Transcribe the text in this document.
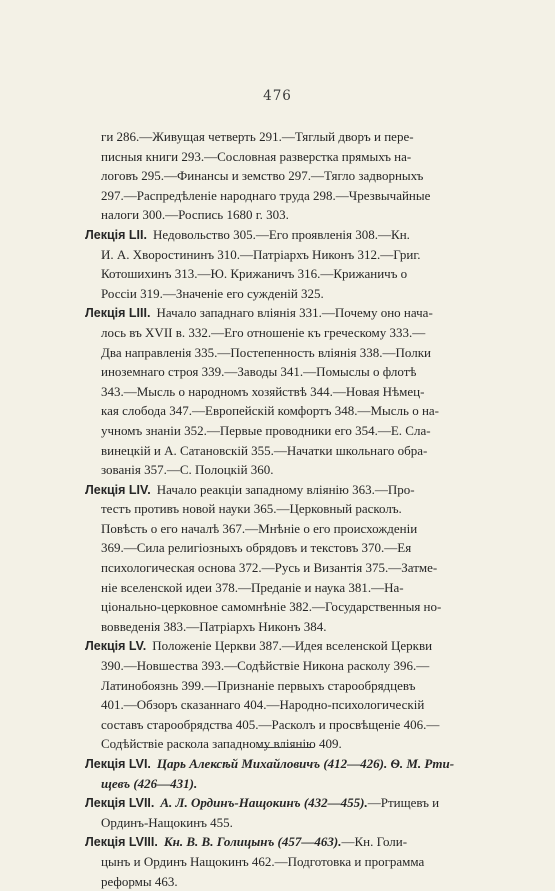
476
ги 286.—Живущая четверть 291.—Тяглый дворъ и пере-
писныя книги 293.—Сословная разверстка прямыхъ на-
логовъ 295.—Финансы и земство 297.—Тягло задворныхъ
297.—Распредѣленіе народнаго труда 298.—Чрезвычайные
налоги 300.—Роспись 1680 г. 303.
Лекція LII. Недовольство 305.—Его проявленія 308.—Кн.
И. А. Хворостининъ 310.—Патріархъ Никонъ 312.—Григ.
Котошихинъ 313.—Ю. Крижаничъ 316.—Крижаничъ о
Россіи 319.—Значеніе его сужденій 325.
Лекція LIII. Начало западнаго вліянія 331.—Почему оно нача-
лось въ XVII в. 332.—Его отношеніе къ греческому 333.—
Два направленія 335.—Постепенность вліянія 338.—Полки
иноземнаго строя 339.—Заводы 341.—Помыслы о флотѣ
343.—Мысль о народномъ хозяйствѣ 344.—Новая Нѣмец-
кая слобода 347.—Европейскій комфортъ 348.—Мысль о на-
учномъ знаніи 352.—Первые проводники его 354.—Е. Сла-
винецкій и А. Сатановскій 355.—Начатки школьнаго обра-
зованія 357.—С. Полоцкій 360.
Лекція LIV. Начало реакціи западному вліянію 363.—Про-
тестъ противъ новой науки 365.—Церковный расколъ.
Повѣсть о его началѣ 367.—Мнѣніе о его происхожденіи
369.—Сила религіозныхъ обрядовъ и текстовъ 370.—Ея
психологическая основа 372.—Русь и Византія 375.—Затме-
ніе вселенской идеи 378.—Преданіе и наука 381.—На-
ціонально-церковное самомнѣніе 382.—Государственныя но-
вовведенія 383.—Патріархъ Никонъ 384.
Лекція LV. Положеніе Церкви 387.—Идея вселенской Церкви
390.—Новшества 393.—Содѣйствіе Никона расколу 396.—
Латинобоязнь 399.—Признаніе первыхъ старообрядцевъ
401.—Обзоръ сказаннаго 404.—Народно-психологическій
составъ старообрядства 405.—Расколъ и просвѣщеніе 406.—
Содѣйствіе раскола западному вліянію 409.
Лекція LVI. Царь Алексѣй Михайловичъ (412—426). Ѳ. М. Рти-
щевъ (426—431).
Лекція LVII. А. Л. Ординъ-Нащокинъ (432—455).—Ртищевъ и
Ординъ-Нащокинъ 455.
Лекція LVIII. Кн. В. В. Голицынъ (457—463).—Кн. Голи-
цынъ и Ординъ Нащокинъ 462.—Подготовка и программа
реформы 463.
